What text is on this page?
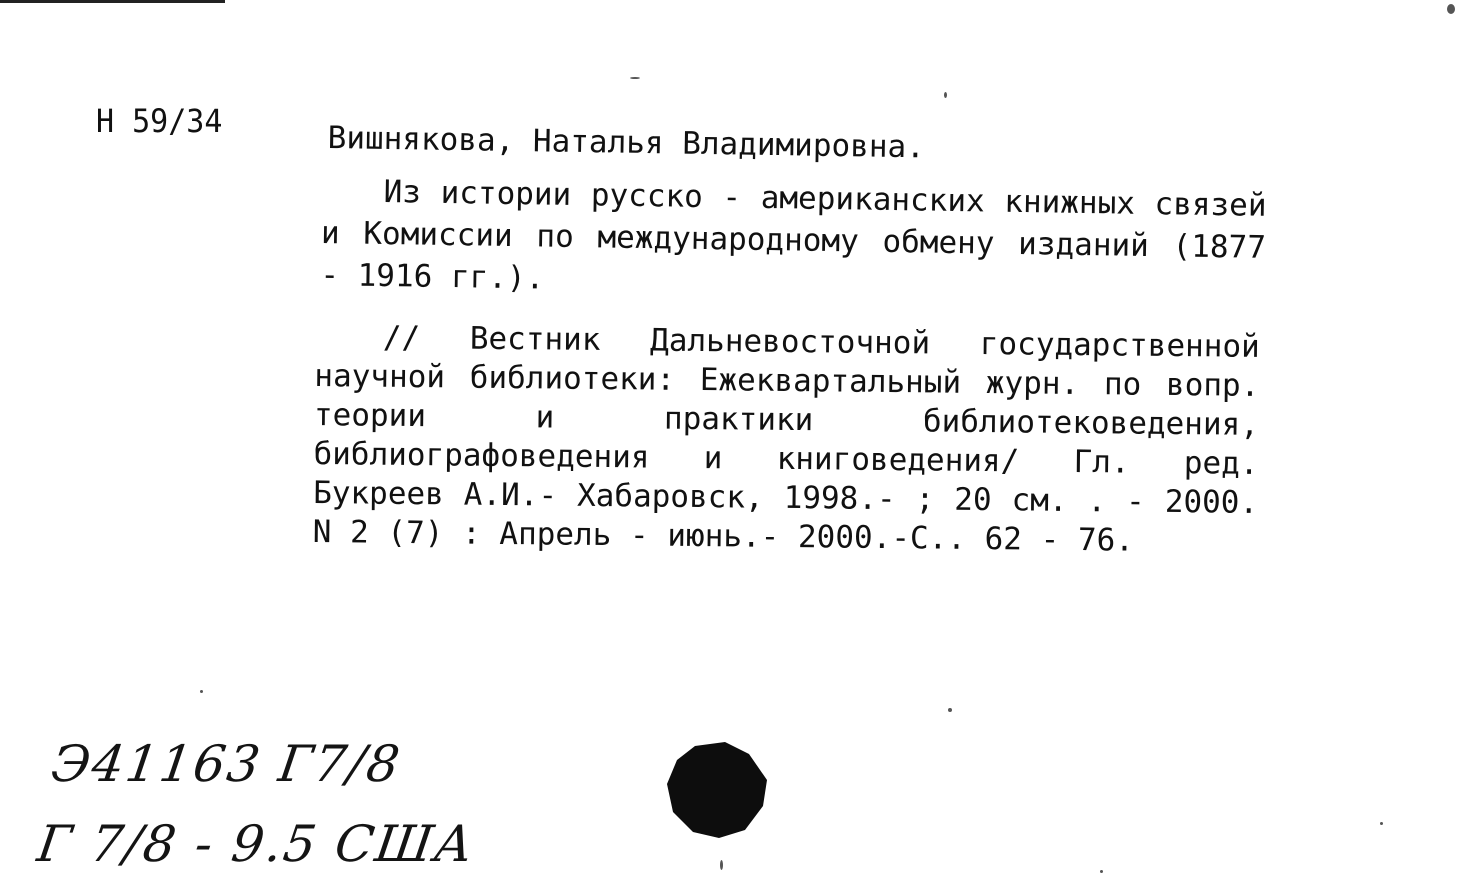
Н 59/34	Вишнякова, Наталья Владимировна.
Из истории русско - американских книжных связей и Комиссии по международному обмену изданий (1877 - 1916 гг.).
// Вестник Дальневосточной государственной научной библиотеки: Ежеквартальный журн. по вопр. теории и практики библиотековедения, библиографоведения и книговедения/ Гл. ред. Букреев А.И.- Хабаровск, 1998.- ; 20 см. . - 2000. N 2 (7) : Апрель - июнь.- 2000.-С.. 62 - 76.
Э41163 Г7/8
Г 7/8 - 9.5 США
